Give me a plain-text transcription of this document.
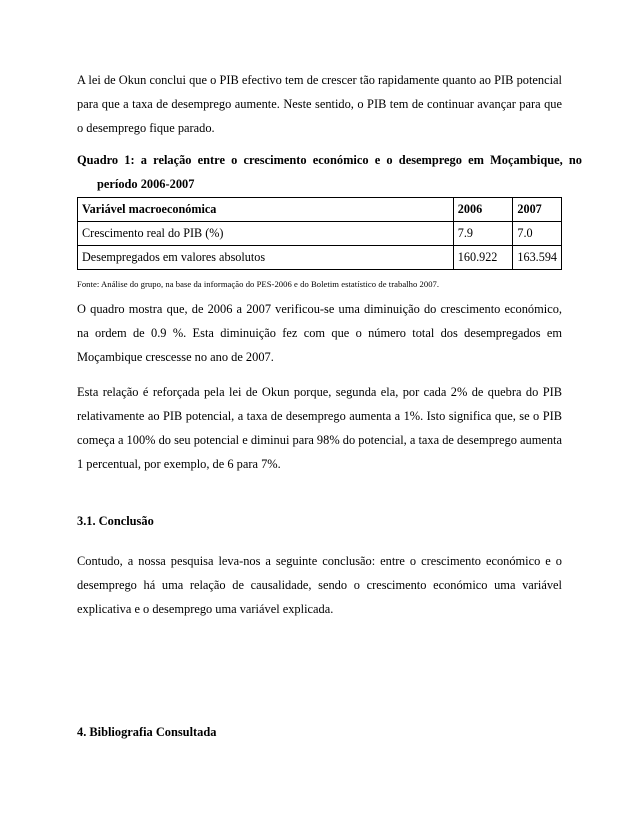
A lei de Okun conclui que o PIB efectivo tem de crescer tão rapidamente quanto ao PIB potencial para que a taxa de desemprego aumente. Neste sentido, o PIB tem de continuar avançar para que o desemprego fique parado.

Quadro 1: a relação entre o crescimento económico e o desemprego em Moçambique, no período 2006-2007

Variável macroeconómica	2006	2007
Crescimento real do PIB (%)	7.9	7.0
Desempregados em valores absolutos	160.922	163.594

Fonte: Análise do grupo, na base da informação do PES-2006 e do Boletim estatístico de trabalho 2007.

O quadro mostra que, de 2006 a 2007 verificou-se uma diminuição do crescimento económico, na ordem de 0.9 %. Esta diminuição fez com que o número total dos desempregados em Moçambique crescesse no ano de 2007.

Esta relação é reforçada pela lei de Okun porque, segunda ela, por cada 2% de quebra do PIB relativamente ao PIB potencial, a taxa de desemprego aumenta a 1%. Isto significa que, se o PIB começa a 100% do seu potencial e diminui para 98% do potencial, a taxa de desemprego aumenta 1 percentual, por exemplo, de 6 para 7%.

3.1. Conclusão

Contudo, a nossa pesquisa leva-nos a seguinte conclusão: entre o crescimento económico e o desemprego há uma relação de causalidade, sendo o crescimento económico uma variável explicativa e o desemprego uma variável explicada.

4. Bibliografia Consultada
